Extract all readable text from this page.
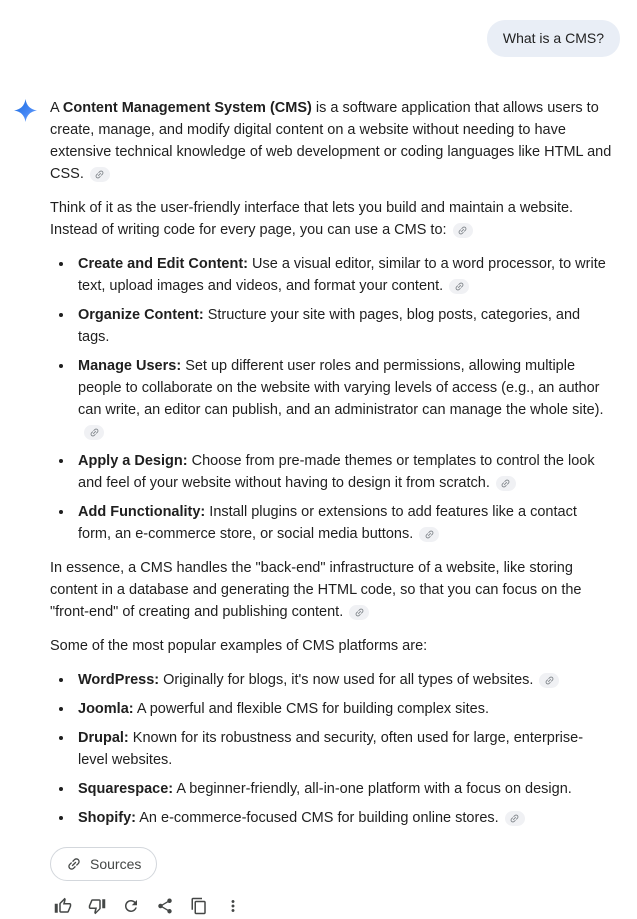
What is a CMS?

A Content Management System (CMS) is a software application that allows users to create, manage, and modify digital content on a website without needing to have extensive technical knowledge of web development or coding languages like HTML and CSS.

Think of it as the user-friendly interface that lets you build and maintain a website. Instead of writing code for every page, you can use a CMS to:

Create and Edit Content: Use a visual editor, similar to a word processor, to write text, upload images and videos, and format your content.
Organize Content: Structure your site with pages, blog posts, categories, and tags.
Manage Users: Set up different user roles and permissions, allowing multiple people to collaborate on the website with varying levels of access (e.g., an author can write, an editor can publish, and an administrator can manage the whole site).
Apply a Design: Choose from pre-made themes or templates to control the look and feel of your website without having to design it from scratch.
Add Functionality: Install plugins or extensions to add features like a contact form, an e-commerce store, or social media buttons.

In essence, a CMS handles the "back-end" infrastructure of a website, like storing content in a database and generating the HTML code, so that you can focus on the "front-end" of creating and publishing content.

Some of the most popular examples of CMS platforms are:

WordPress: Originally for blogs, it's now used for all types of websites.
Joomla: A powerful and flexible CMS for building complex sites.
Drupal: Known for its robustness and security, often used for large, enterprise-level websites.
Squarespace: A beginner-friendly, all-in-one platform with a focus on design.
Shopify: An e-commerce-focused CMS for building online stores.
Sources
